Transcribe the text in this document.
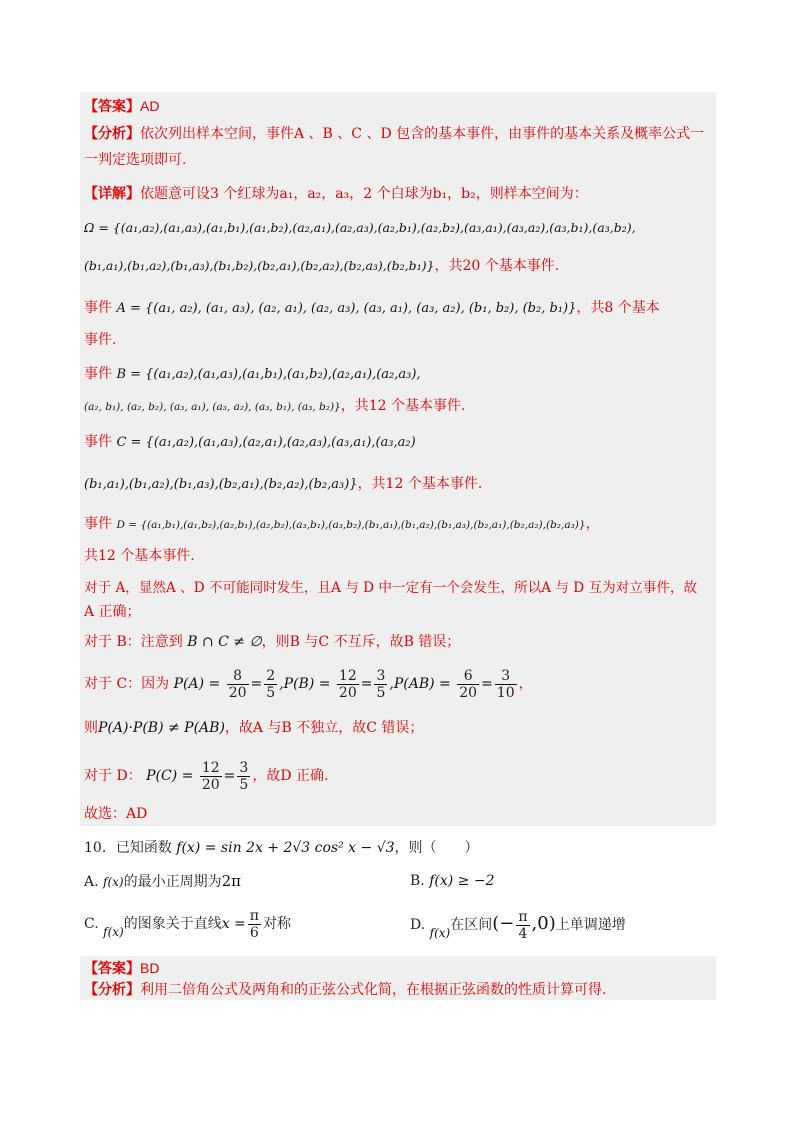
【答案】AD
【分析】依次列出样本空间，事件A 、B 、C 、D 包含的基本事件，由事件的基本关系及概率公式一
一判定选项即可.
【详解】依题意可设3 个红球为a₁，a₂，a₃，2 个白球为b₁，b₂，则样本空间为：
Ω = {(a₁,a₂),(a₁,a₃),(a₁,b₁),(a₁,b₂),(a₂,a₁),(a₂,a₃),(a₂,b₁),(a₂,b₂),(a₃,a₁),(a₃,a₂),(a₃,b₁),(a₃,b₂),
(b₁,a₁),(b₁,a₂),(b₁,a₃),(b₁,b₂),(b₂,a₁),(b₂,a₂),(b₂,a₃),(b₂,b₁)}，共20 个基本事件.
事件 A = {(a₁, a₂), (a₁, a₃), (a₂, a₁), (a₂, a₃), (a₃, a₁), (a₃, a₂), (b₁, b₂), (b₂, b₁)}，共8 个基本
事件.
事件 B = {(a₁,a₂),(a₁,a₃),(a₁,b₁),(a₁,b₂),(a₂,a₁),(a₂,a₃),
(a₂, b₁), (a₂, b₂), (a₃, a₁), (a₃, a₂), (a₃, b₁), (a₃, b₂)}，共12 个基本事件.
事件 C = {(a₁,a₂),(a₁,a₃),(a₂,a₁),(a₂,a₃),(a₃,a₁),(a₃,a₂)
(b₁,a₁),(b₁,a₂),(b₁,a₃),(b₂,a₁),(b₂,a₂),(b₂,a₃)}，共12 个基本事件.
事件 D = {(a₁,b₁),(a₁,b₂),(a₂,b₁),(a₂,b₂),(a₃,b₁),(a₃,b₂),(b₁,a₁),(b₁,a₂),(b₁,a₃),(b₂,a₁),(b₂,a₂),(b₂,a₃)}，
共12 个基本事件.
对于 A，显然A 、D 不可能同时发生，且A 与 D 中一定有一个会发生，所以A 与 D 互为对立事件，故
A 正确；
对于 B：注意到 B ∩ C ≠ ∅，则B 与C 不互斥，故B 错误；
对于 C：因为 $P(A) = \frac{8}{20} = \frac{2}{5} ,P(B) = \frac{12}{20} = \frac{3}{5} ,P(AB) = \frac{6}{20} = \frac{3}{10}$ ，
则P(A)·P(B) ≠ P(AB)，故A 与B 不独立，故C 错误；
对于 D： $P(C) = \frac{12}{20} = \frac{3}{5}$ ，故D 正确.
故选：AD
10．已知函数 f(x) = sin 2x + 2√3 cos² x − √3，则（　　）
A. f(x)的最小正周期为2π	B. f(x) ≥ −2
C. f(x)的图象关于直线$x = \frac{\pi}{6}$ 对称	D. f(x)在区间(− $\frac{\pi}{4} ,0$)上单调递增
【答案】BD
【分析】利用二倍角公式及两角和的正弦公式化简，在根据正弦函数的性质计算可得.
